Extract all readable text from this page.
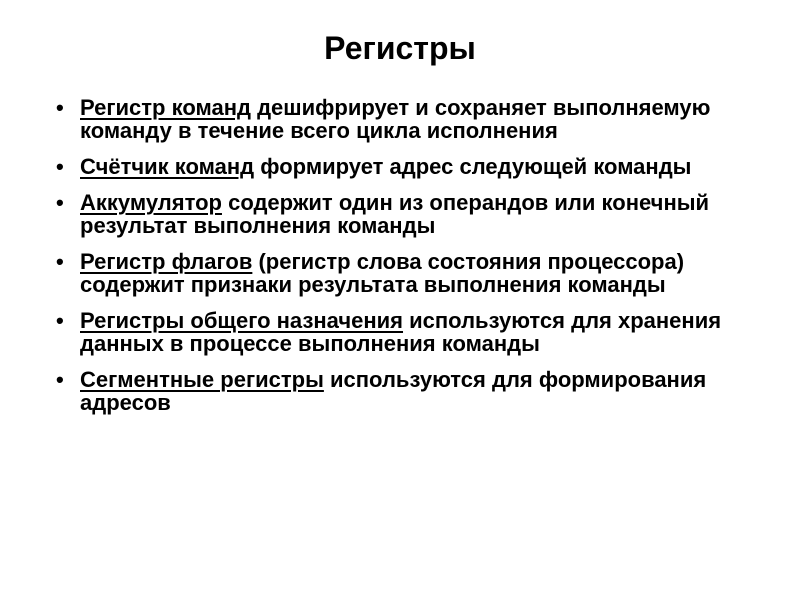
Регистры
• Регистр команд дешифрирует и сохраняет выполняемую команду в течение всего цикла исполнения
• Счётчик команд формирует адрес следующей команды
• Аккумулятор содержит один из операндов или конечный результат выполнения команды
• Регистр флагов (регистр слова состояния процессора) содержит признаки результата выполнения команды
• Регистры общего назначения используются для хранения данных в процессе выполнения команды
• Сегментные регистры используются для формирования адресов
